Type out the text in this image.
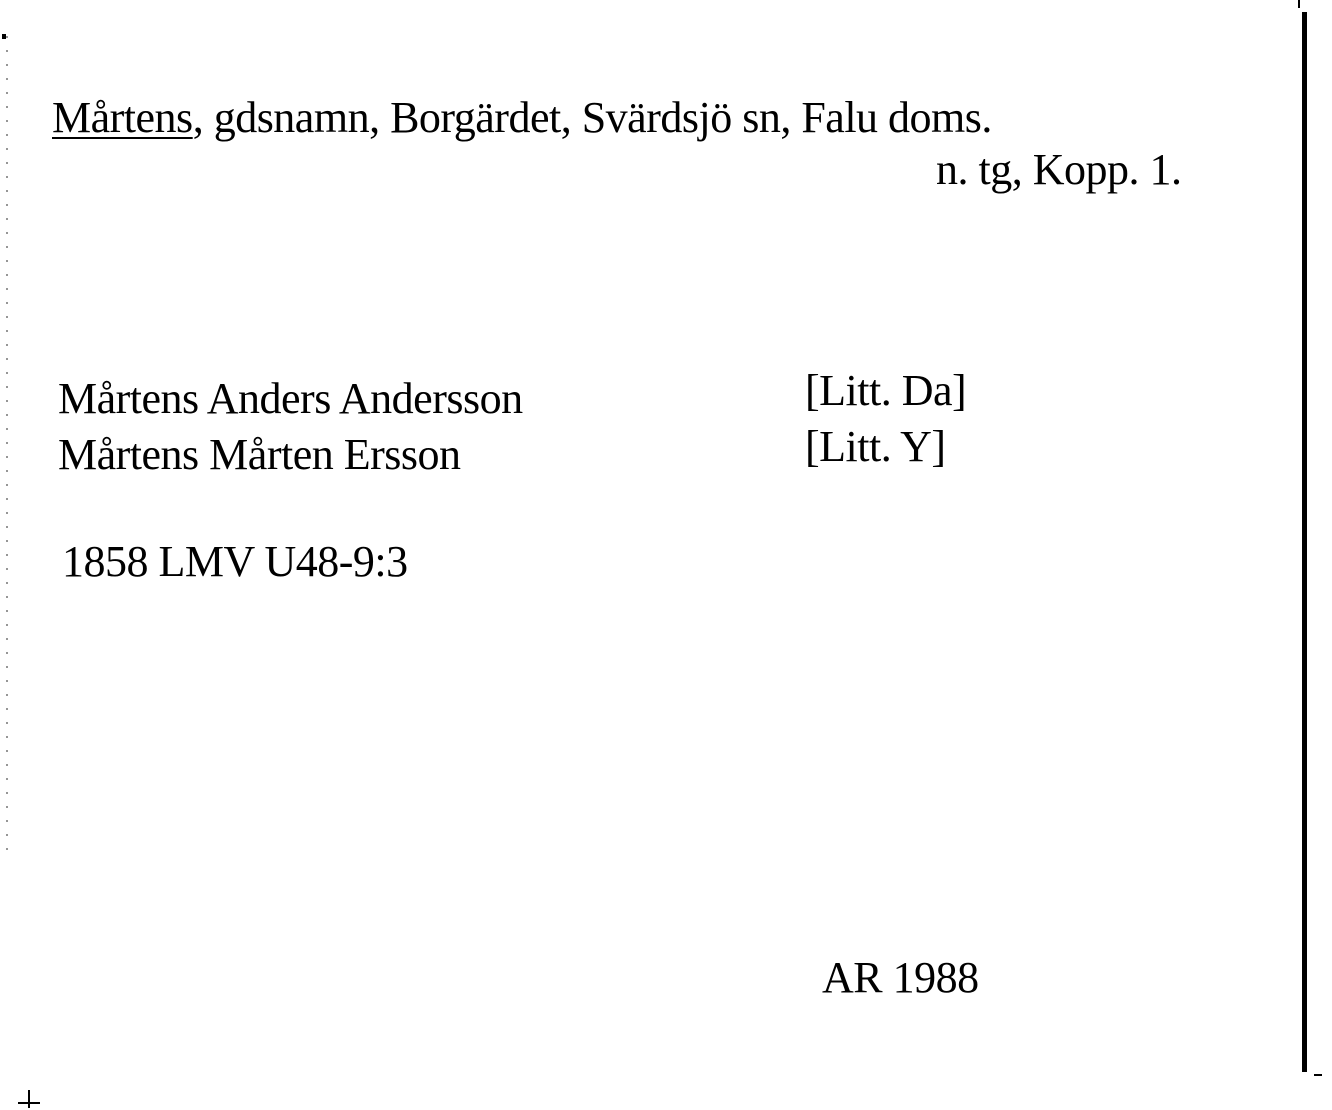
Mårtens, gdsnamn, Borgärdet, Svärdsjö sn, Falu doms.
n. tg, Kopp. 1.
Mårtens Anders Andersson	[Litt. Da]
Mårtens Mårten Ersson	[Litt. Y]
1858 LMV U48-9:3
AR 1988
